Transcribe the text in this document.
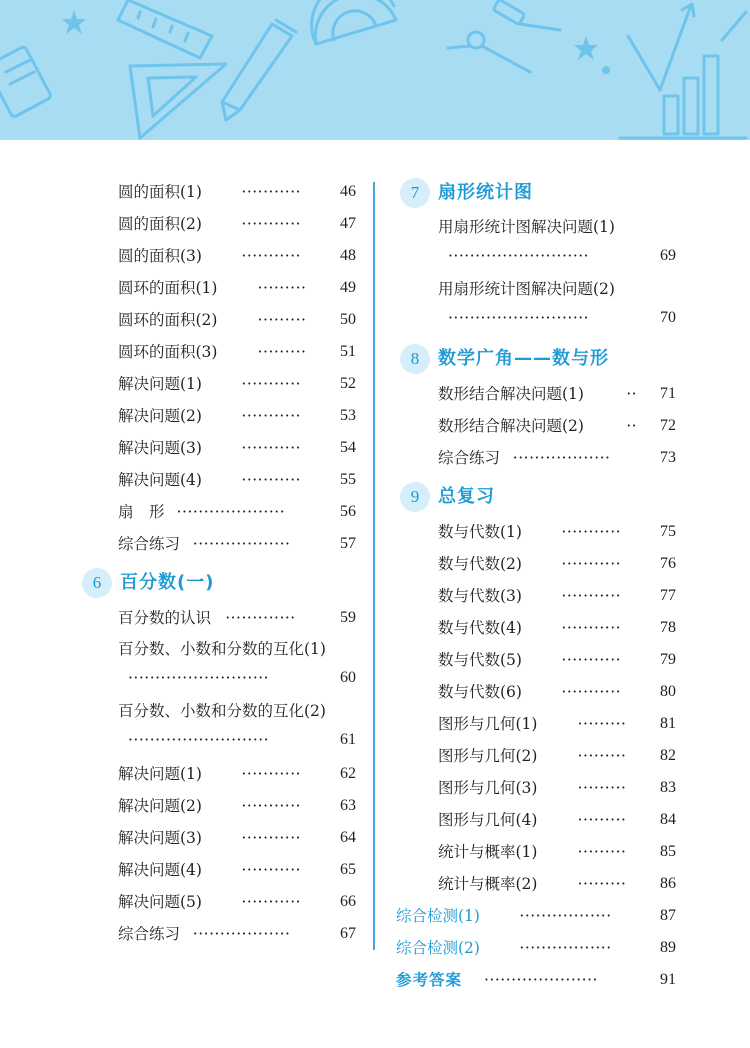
圆的面积(1)	··········· 46
圆的面积(2)	··········· 47
圆的面积(3)	··········· 48
圆环的面积(1)	········· 49
圆环的面积(2)	········· 50
圆环的面积(3)	········· 51
解决问题(1)	··········· 52
解决问题(2)	··········· 53
解决问题(3)	··········· 54
解决问题(4)	··········· 55
扇　形 ····················	56
综合练习 ··················	57
6	百分数(一)
百分数的认识 ·············	59
百分数、小数和分数的互化(1)
··························	60
百分数、小数和分数的互化(2)
··························	61
解决问题(1)	··········· 62
解决问题(2)	··········· 63
解决问题(3)	··········· 64
解决问题(4)	··········· 65
解决问题(5)	··········· 66
综合练习 ··················	67
7	扇形统计图
用扇形统计图解决问题(1)
··························	69
用扇形统计图解决问题(2)
··························	70
8	数学广角——数与形
数形结合解决问题(1)	·· 71
数形结合解决问题(2)	·· 72
综合练习 ··················	73
9	总复习
数与代数(1)	··········· 75
数与代数(2)	··········· 76
数与代数(3)	··········· 77
数与代数(4)	··········· 78
数与代数(5)	··········· 79
数与代数(6)	··········· 80
图形与几何(1)	········· 81
图形与几何(2)	········· 82
图形与几何(3)	········· 83
图形与几何(4)	········· 84
统计与概率(1)	········· 85
统计与概率(2)	········· 86
综合检测(1)	·················	87
综合检测(2)	·················	89
参考答案 ·····················	91
